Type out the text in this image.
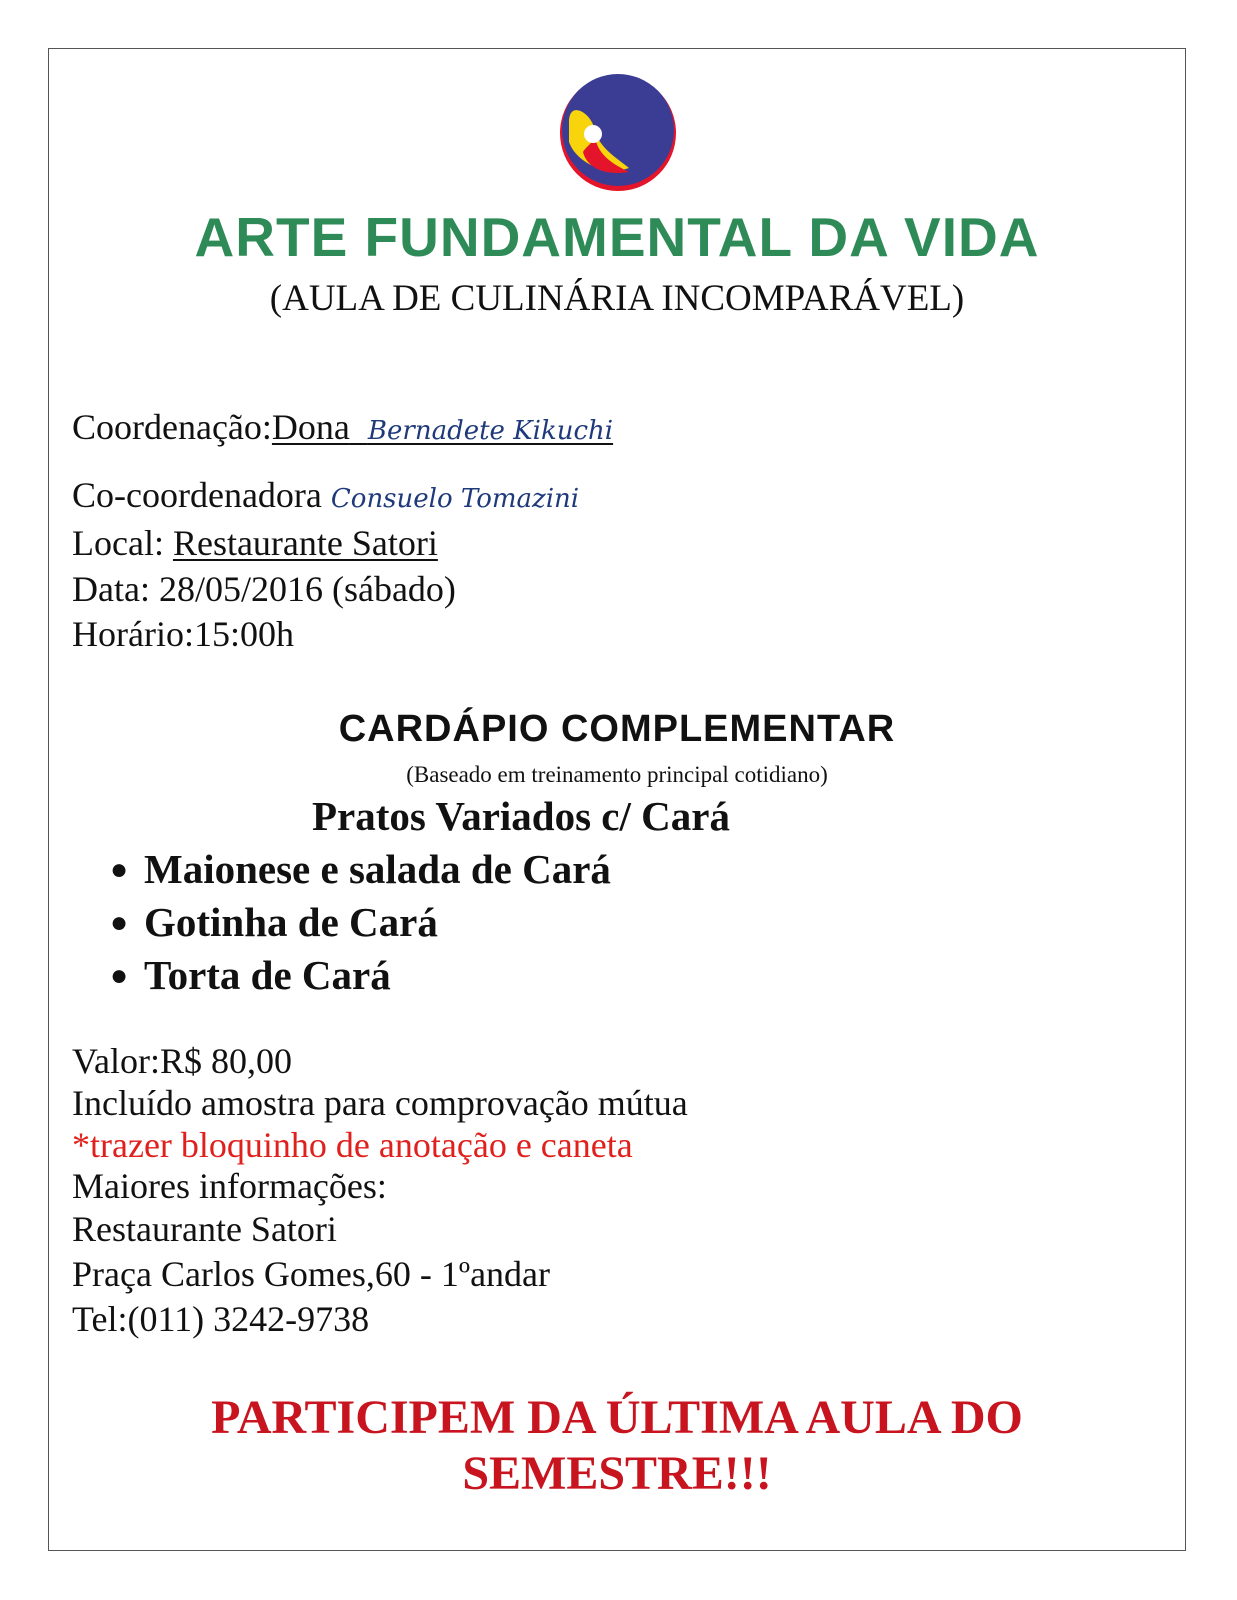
ARTE FUNDAMENTAL DA VIDA
(AULA DE CULINÁRIA INCOMPARÁVEL)
Coordenação:Dona Bernadete Kikuchi
Co-coordenadora Consuelo Tomazini
Local: Restaurante Satori
Data: 28/05/2016 (sábado)
Horário:15:00h
CARDÁPIO COMPLEMENTAR
(Baseado em treinamento principal cotidiano)
Pratos Variados c/ Cará
● Maionese e salada de Cará
● Gotinha de Cará
● Torta de Cará
Valor:R$ 80,00
Incluído amostra para comprovação mútua
*trazer bloquinho de anotação e caneta
Maiores informações:
Restaurante Satori
Praça Carlos Gomes,60 - 1ºandar
Tel:(011) 3242-9738
PARTICIPEM DA ÚLTIMA AULA DO
SEMESTRE!!!
